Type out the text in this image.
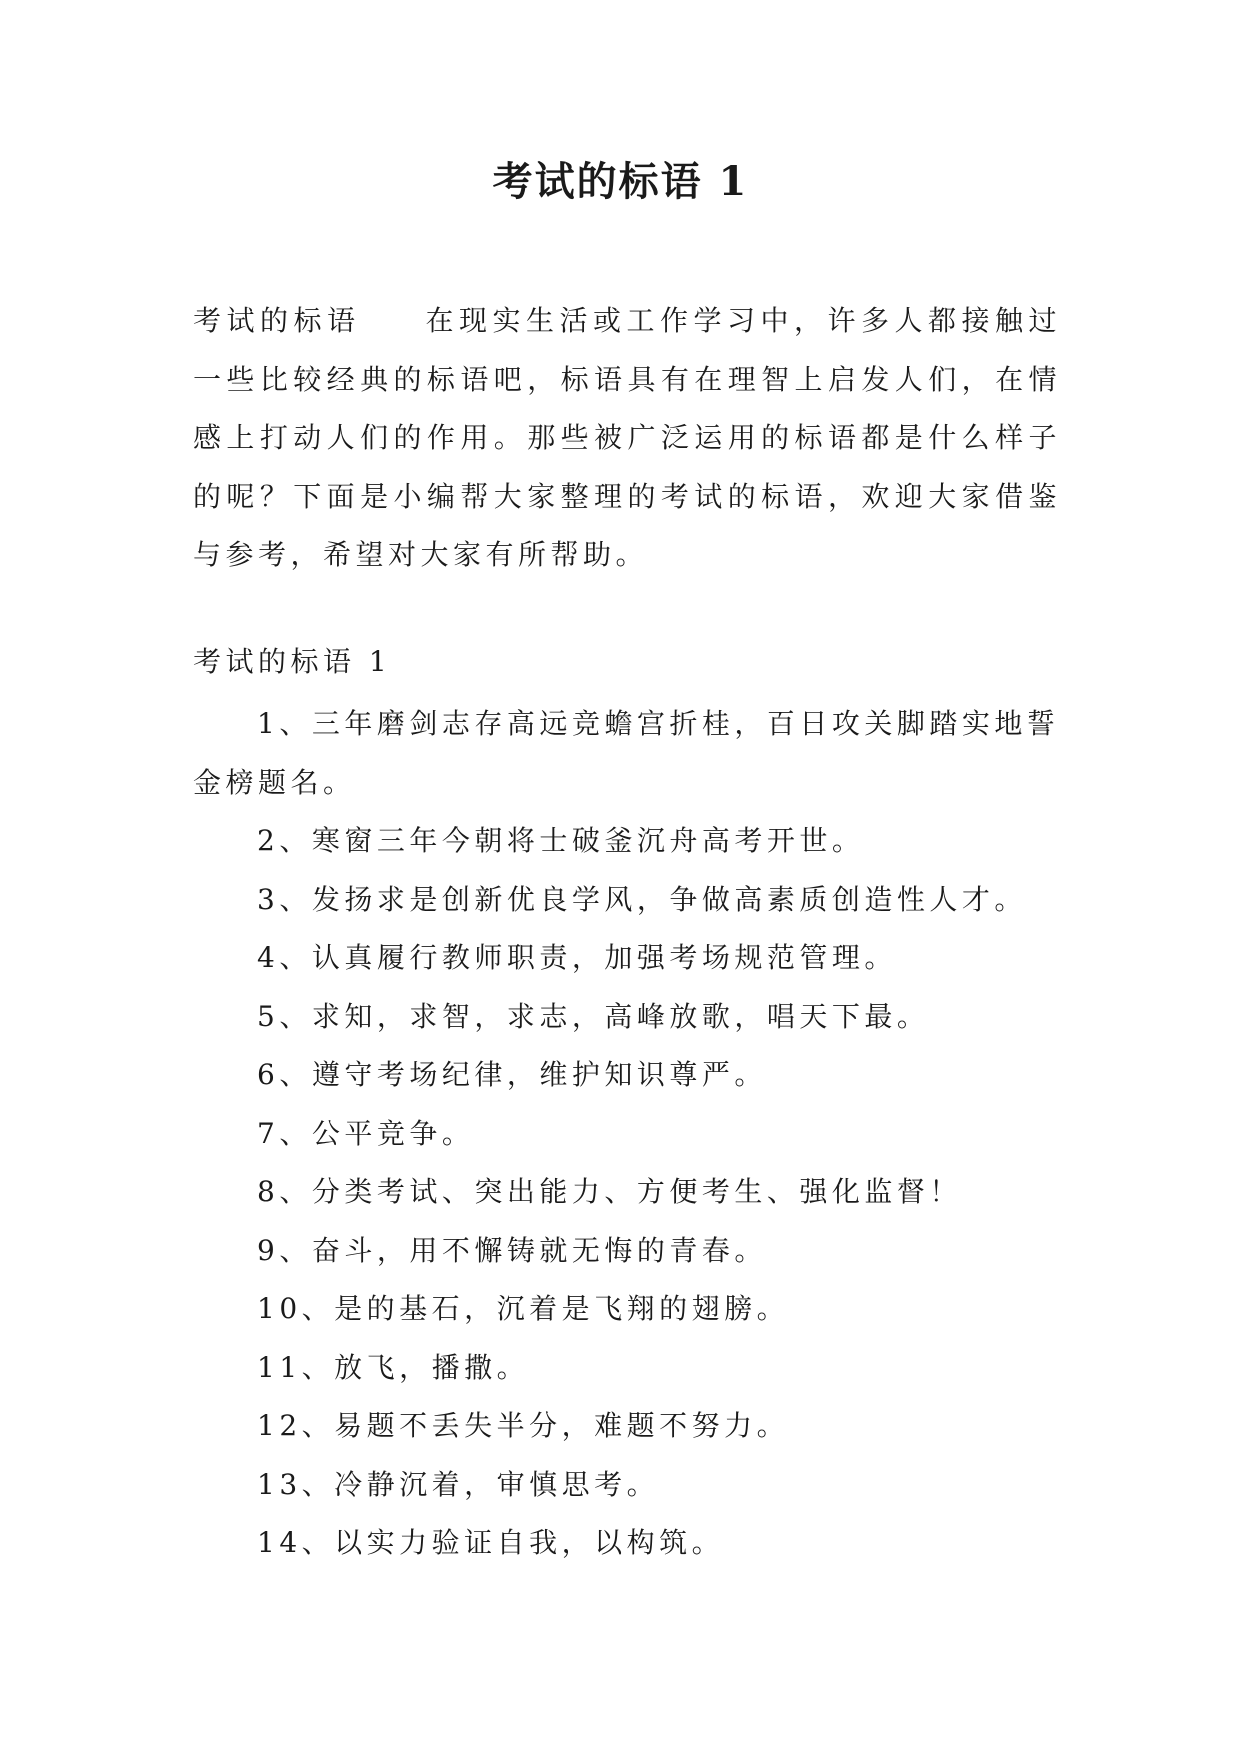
考试的标语 1

考试的标语 在现实生活或工作学习中，许多人都接触过一些比较经典的标语吧，标语具有在理智上启发人们，在情感上打动人们的作用。那些被广泛运用的标语都是什么样子的呢？下面是小编帮大家整理的考试的标语，欢迎大家借鉴与参考，希望对大家有所帮助。

考试的标语 1

1、三年磨剑志存高远竞蟾宫折桂，百日攻关脚踏实地誓金榜题名。
2、寒窗三年今朝将士破釜沉舟高考开世。
3、发扬求是创新优良学风，争做高素质创造性人才。
4、认真履行教师职责，加强考场规范管理。
5、求知，求智，求志，高峰放歌，唱天下最。
6、遵守考场纪律，维护知识尊严。
7、公平竞争。
8、分类考试、突出能力、方便考生、强化监督！
9、奋斗，用不懈铸就无悔的青春。
10、是的基石，沉着是飞翔的翅膀。
11、放飞，播撒。
12、易题不丢失半分，难题不努力。
13、冷静沉着，审慎思考。
14、以实力验证自我，以构筑。
